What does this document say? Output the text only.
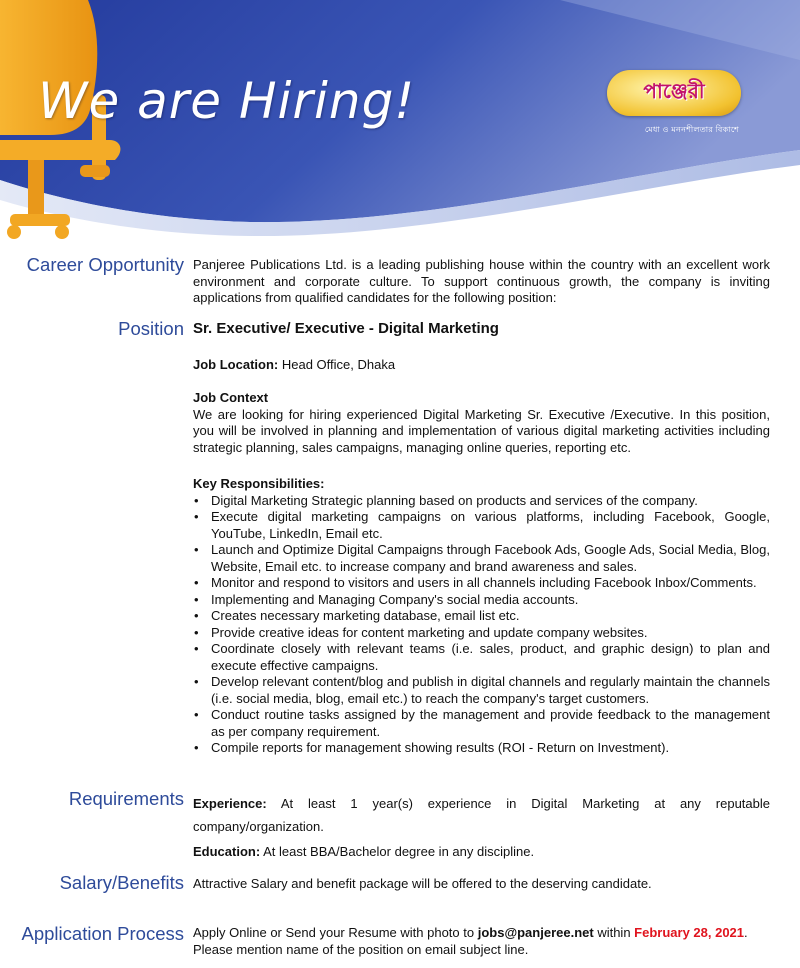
We are Hiring!	পাঞ্জেরী
মেধা ও মননশীলতার বিকাশে
Career Opportunity Panjeree Publications Ltd. is a leading publishing house within the country with an excellent work environment and corporate culture. To support continuous growth, the company is inviting applications from qualified candidates for the following position:
Position Sr. Executive/ Executive - Digital Marketing
Job Location: Head Office, Dhaka
Job Context
We are looking for hiring experienced Digital Marketing Sr. Executive /Executive. In this position, you will be involved in planning and implementation of various digital marketing activities including strategic planning, sales campaigns, managing online queries, reporting etc.
Key Responsibilities:
• Digital Marketing Strategic planning based on products and services of the company.
• Execute digital marketing campaigns on various platforms, including Facebook, Google, YouTube, LinkedIn, Email etc.
• Launch and Optimize Digital Campaigns through Facebook Ads, Google Ads, Social Media, Blog, Website, Email etc. to increase company and brand awareness and sales.
• Monitor and respond to visitors and users in all channels including Facebook Inbox/Comments.
• Implementing and Managing Company's social media accounts.
• Creates necessary marketing database, email list etc.
• Provide creative ideas for content marketing and update company websites.
• Coordinate closely with relevant teams (i.e. sales, product, and graphic design) to plan and execute effective campaigns.
• Develop relevant content/blog and publish in digital channels and regularly maintain the channels (i.e. social media, blog, email etc.) to reach the company's target customers.
• Conduct routine tasks assigned by the management and provide feedback to the management as per company requirement.
• Compile reports for management showing results (ROI - Return on Investment).
Requirements Experience: At least 1 year(s) experience in Digital Marketing at any reputable company/organization.
Education: At least BBA/Bachelor degree in any discipline.
Salary/Benefits Attractive Salary and benefit package will be offered to the deserving candidate.
Application Process Apply Online or Send your Resume with photo to jobs@panjeree.net within February 28, 2021.
Please mention name of the position on email subject line.
